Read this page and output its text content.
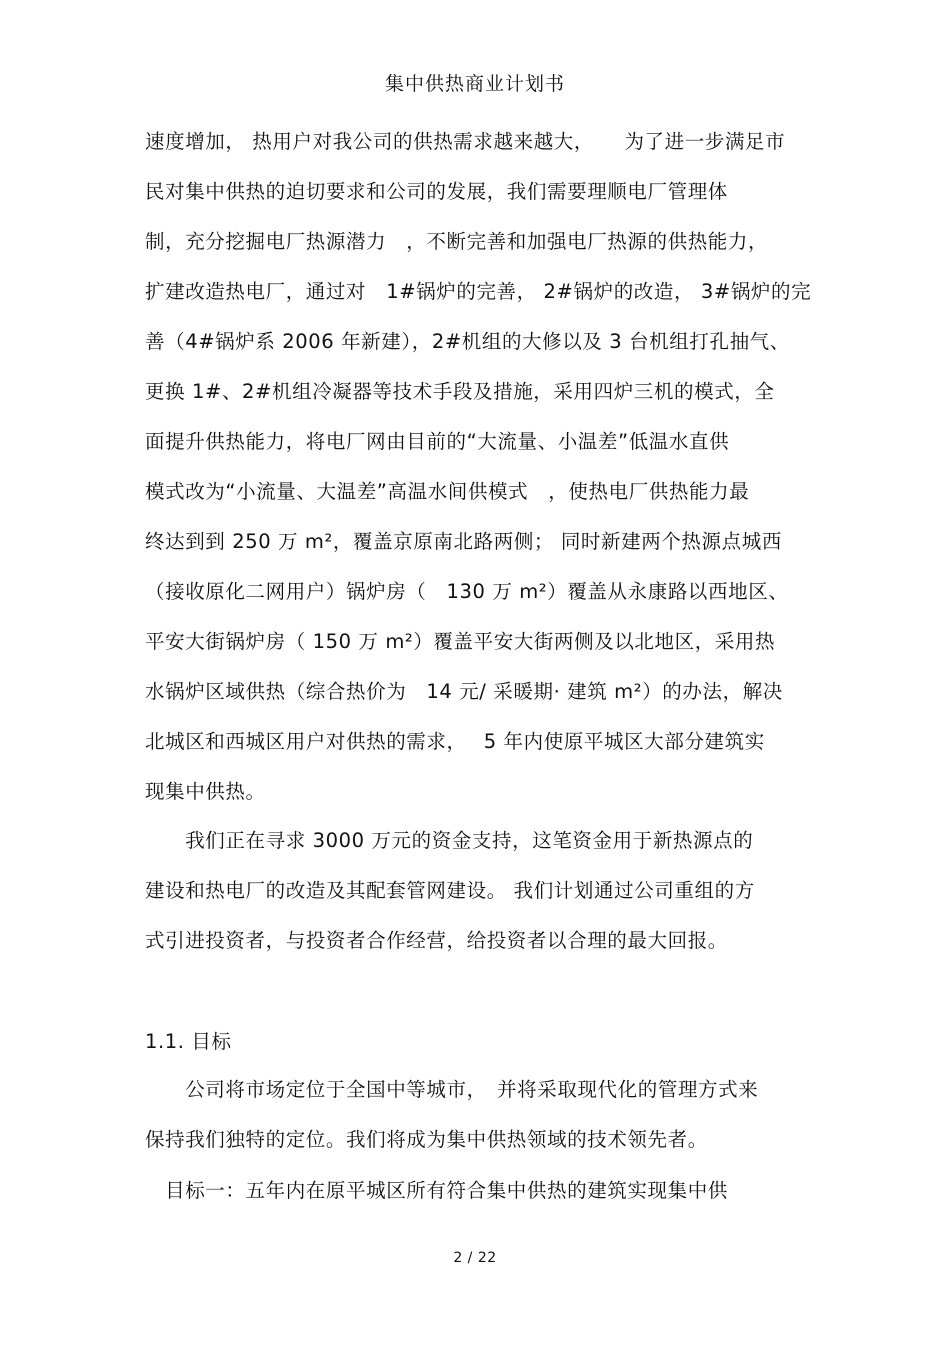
集中供热商业计划书
速度增加， 热用户对我公司的供热需求越来越大，　　为了进一步满足市
民对集中供热的迫切要求和公司的发展，我们需要理顺电厂管理体
制，充分挖掘电厂热源潜力　，不断完善和加强电厂热源的供热能力，
扩建改造热电厂，通过对　1#锅炉的完善， 2#锅炉的改造， 3#锅炉的完
善（4#锅炉系 2006 年新建），2#机组的大修以及 3 台机组打孔抽气、
更换 1#、2#机组冷凝器等技术手段及措施，采用四炉三机的模式，全
面提升供热能力，将电厂网由目前的“大流量、小温差”低温水直供
模式改为“小流量、大温差”高温水间供模式　，使热电厂供热能力最
终达到到 250 万 m²，覆盖京原南北路两侧； 同时新建两个热源点城西
（接收原化二网用户）锅炉房（　130 万 m²）覆盖从永康路以西地区、
平安大街锅炉房（ 150 万 m²）覆盖平安大街两侧及以北地区，采用热
水锅炉区域供热（综合热价为　14 元/ 采暖期· 建筑 m²）的办法，解决
北城区和西城区用户对供热的需求，　 5 年内使原平城区大部分建筑实
现集中供热。
　　我们正在寻求 3000 万元的资金支持，这笔资金用于新热源点的
建设和热电厂的改造及其配套管网建设。 我们计划通过公司重组的方
式引进投资者，与投资者合作经营，给投资者以合理的最大回报。
1.1. 目标
　　公司将市场定位于全国中等城市，　并将采取现代化的管理方式来
保持我们独特的定位。我们将成为集中供热领域的技术领先者。
　目标一：五年内在原平城区所有符合集中供热的建筑实现集中供
2 / 22
